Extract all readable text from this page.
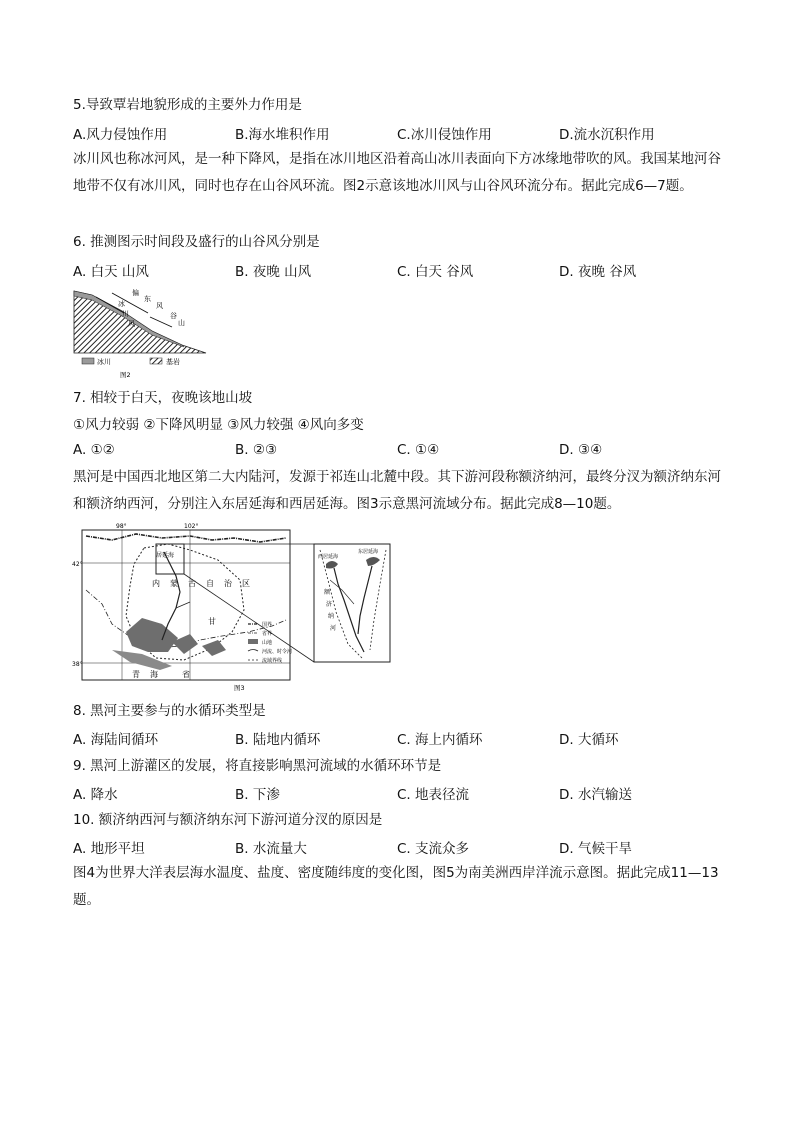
5.导致覃岩地貌形成的主要外力作用是
A.风力侵蚀作用	B.海水堆积作用	C.冰川侵蚀作用	D.流水沉积作用
冰川风也称冰河风，是一种下降风，是指在冰川地区沿着高山冰川表面向下方冰缘地带吹的风。我国某地河谷地带不仅有冰川风，同时也存在山谷风环流。图2示意该地冰川风与山谷风环流分布。据此完成6—7题。
6. 推测图示时间段及盛行的山谷风分别是
A. 白天 山风	B. 夜晚 山风	C. 白天 谷风	D. 夜晚 谷风
冰
川
风
偏
东
风
谷
山
冰川	基岩
图2
7. 相较于白天，夜晚该地山坡
①风力较弱 ②下降风明显 ③风力较强 ④风向多变
A. ①②	B. ②③	C. ①④	D. ③④
黑河是中国西北地区第二大内陆河，发源于祁连山北麓中段。其下游河段称额济纳河，最终分汊为额济纳东河和额济纳西河，分别注入东居延海和西居延海。图3示意黑河流域分布。据此完成8—10题。
98°	102°
42°
38°
居延海
内 蒙 古 自 治 区
甘
青 海	省
国界
省界
山地
河流、时令河
流域界线
东居延海
西居延海
额
济
纳
河
图3
8. 黑河主要参与的水循环类型是
A. 海陆间循环	B. 陆地内循环	C. 海上内循环	D. 大循环
9. 黑河上游灌区的发展，将直接影响黑河流域的水循环环节是
A. 降水	B. 下渗	C. 地表径流	D. 水汽输送
10. 额济纳西河与额济纳东河下游河道分汊的原因是
A. 地形平坦	B. 水流量大	C. 支流众多	D. 气候干旱
图4为世界大洋表层海水温度、盐度、密度随纬度的变化图，图5为南美洲西岸洋流示意图。据此完成11—13题。
